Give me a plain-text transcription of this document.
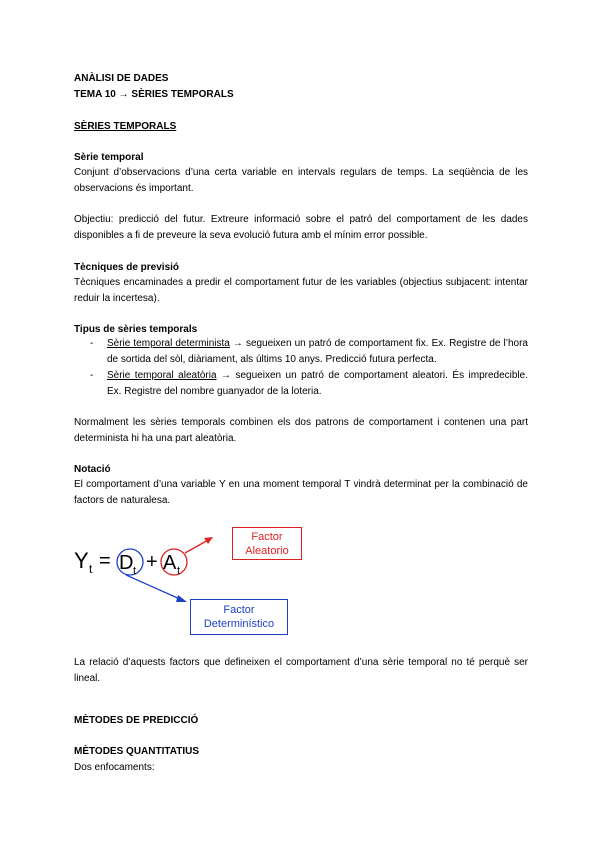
ANÀLISI DE DADES
TEMA 10 → SÈRIES TEMPORALS
SÈRIES TEMPORALS
Sèrie temporal
Conjunt d’observacions d’una certa variable en intervals regulars de temps. La seqüència de les
observacions és important.
Objectiu: predicció del futur. Extreure informació sobre el patró del comportament de les dades
disponibles a fi de preveure la seva evolució futura amb el mínim error possible.
Tècniques de previsió
Tècniques encaminades a predir el comportament futur de les variables (objectius subjacent: intentar
reduir la incertesa).
Tipus de sèries temporals
- Sèrie temporal determinista → segueixen un patró de comportament fix. Ex. Registre de l’hora
de sortida del sòl, diàriament, als últims 10 anys. Predicció futura perfecta.
- Sèrie temporal aleatòria → segueixen un patró de comportament aleatori. És impredecible.
Ex. Registre del nombre guanyador de la loteria.
Normalment les sèries temporals combinen els dos patrons de comportament i contenen una part
determinista hi ha una part aleatòria.
Notació
El comportament d’una variable Y en una moment temporal T vindrà determinat per la combinació de
factors de naturalesa.
Y t = D t + A t
Factor
Aleatorio
Factor
Determinístico
La relació d’aquests factors que defineixen el comportament d’una sèrie temporal no té perquè ser
lineal.
MÈTODES DE PREDICCIÓ
MÈTODES QUANTITATIUS
Dos enfocaments:
